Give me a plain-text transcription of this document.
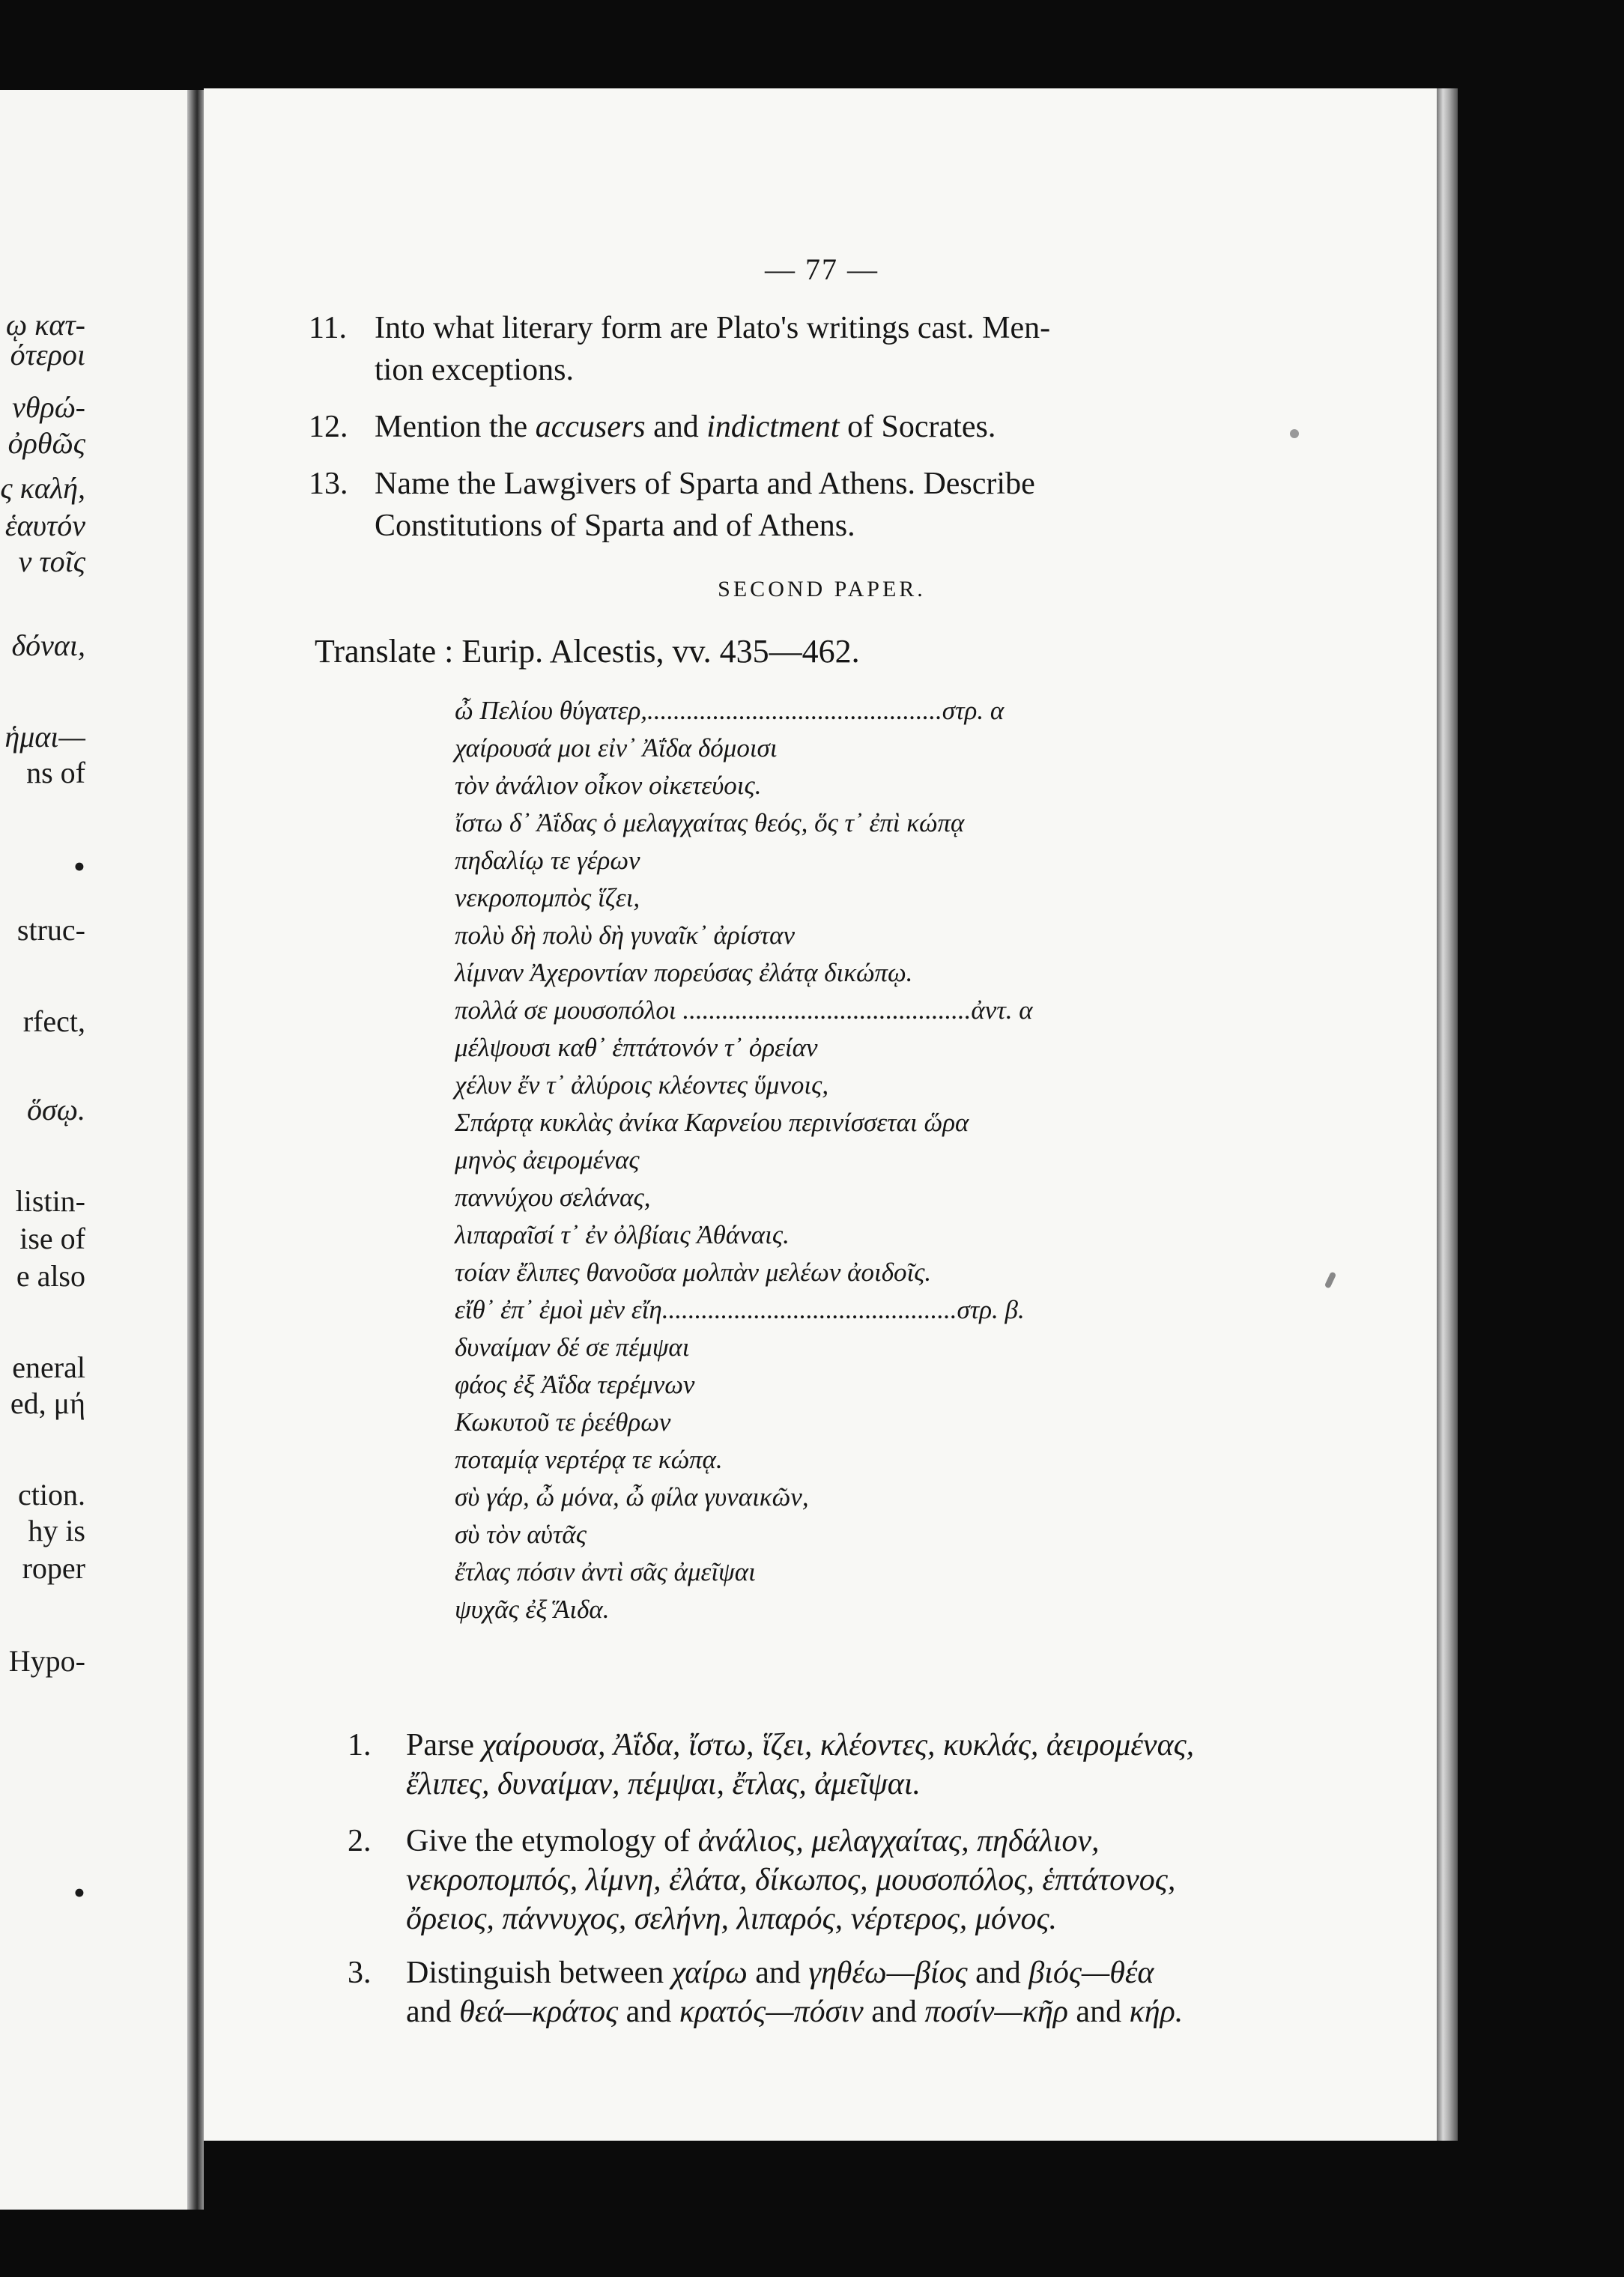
ῳ κατ-
ότεροι
νθρώ-
ὀρθῶς
ς καλή,
ἑαυτόν
ν τοῖς
δόναι,
ἡμαι—
ns of
•
struc-
rfect,
ὅσῳ.
listin-
ise of
e also
eneral
ed, μή
ction.
hy is
roper
Hypo-
•
— 77 —
11. Into what literary form are Plato's writings cast. Men-
tion exceptions.
12. Mention the accusers and indictment of Socrates.
13. Name the Lawgivers of Sparta and Athens. Describe
Constitutions of Sparta and of Athens.
SECOND PAPER.
Translate : Eurip. Alcestis, vv. 435—462.
ὦ Πελίου θύγατερ,.............................................στρ. α
χαίρουσά μοι εἰν᾿ Ἀΐδα δόμοισι
τὸν ἀνάλιον οἶκον οἰκετεύοις.
ἴστω δ᾿ Ἀΐδας ὁ μελαγχαίτας θεός, ὅς τ᾿ ἐπὶ κώπᾳ
πηδαλίῳ τε γέρων
νεκροπομπὸς ἵζει,
πολὺ δὴ πολὺ δὴ γυναῖκ᾿ ἀρίσταν
λίμναν Ἀχεροντίαν πορεύσας ἐλάτᾳ δικώπῳ.
πολλά σε μουσοπόλοι ............................................ἀντ. α
μέλψουσι καθ᾿ ἑπτάτονόν τ᾿ ὀρείαν
χέλυν ἔν τ᾿ ἀλύροις κλέοντες ὕμνοις,
Σπάρτᾳ κυκλὰς ἀνίκα Καρνείου περινίσσεται ὥρα
μηνὸς ἀειρομένας
παννύχου σελάνας,
λιπαραῖσί τ᾿ ἐν ὀλβίαις Ἀθάναις.
τοίαν ἔλιπες θανοῦσα μολπὰν μελέων ἀοιδοῖς.
εἴθ᾿ ἐπ᾿ ἐμοὶ μὲν εἴη.............................................στρ. β.
δυναίμαν δέ σε πέμψαι
φάος ἐξ Ἀΐδα τερέμνων
Κωκυτοῦ τε ῥεέθρων
ποταμίᾳ νερτέρᾳ τε κώπᾳ.
σὺ γάρ, ὦ μόνα, ὦ φίλα γυναικῶν,
σὺ τὸν αὑτᾶς
ἔτλας πόσιν ἀντὶ σᾶς ἀμεῖψαι
ψυχᾶς ἐξ Ἅιδα.
1. Parse χαίρουσα, Ἀΐδα, ἴστω, ἵζει, κλέοντες, κυκλάς, ἀειρομένας,
ἔλιπες, δυναίμαν, πέμψαι, ἔτλας, ἀμεῖψαι.
2. Give the etymology of ἀνάλιος, μελαγχαίτας, πηδάλιον,
νεκροπομπός, λίμνη, ἐλάτα, δίκωπος, μουσοπόλος, ἑπτάτονος,
ὄρειος, πάννυχος, σελήνη, λιπαρός, νέρτερος, μόνος.
3. Distinguish between χαίρω and γηθέω—βίος and βιός—θέα
and θεά—κράτος and κρατός—πόσιν and ποσίν—κῆρ and κήρ.
